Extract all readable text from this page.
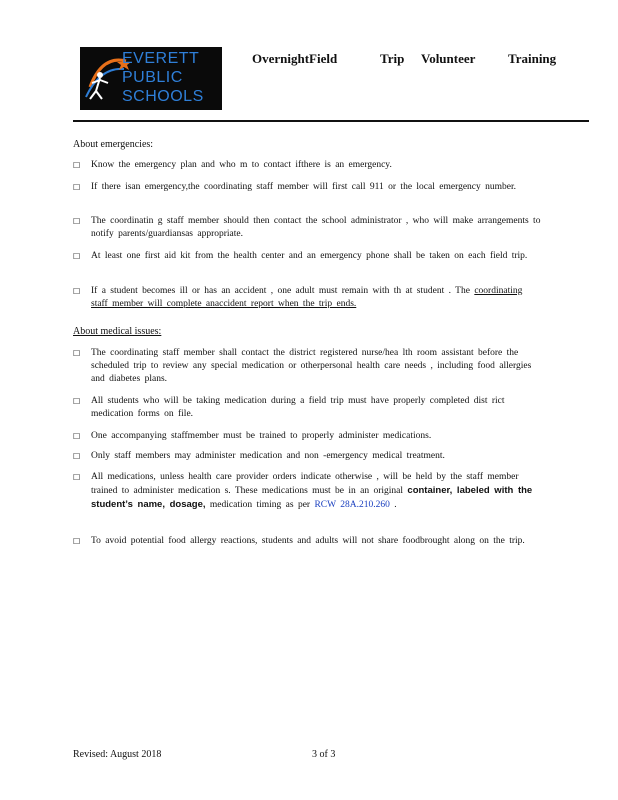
EVERETT
PUBLIC
SCHOOLS
OvernightField	Trip Volunteer	Training
About emergencies:
☐ Know the emergency plan and who m to contact ifthere is an emergency.
☐ If there isan emergency,the coordinating staff member will first call 911 or the local emergency number.
☐ The coordinatin g staff member should then contact the school administrator , who will make arrangements to notify parents/guardiansas appropriate.
☐ At least one first aid kit from the health center and an emergency phone shall be taken on each field trip.
☐ If a student becomes ill or has an accident , one adult must remain with th at student . The coordinating staff member will complete anaccident report when the trip ends.
About medical issues:
☐ The coordinating staff member shall contact the district registered nurse/hea lth room assistant before the scheduled trip to review any special medication or otherpersonal health care needs , including food allergies and diabetes plans.
☐ All students who will be taking medication during a field trip must have properly completed dist rict medication forms on file.
☐ One accompanying staffmember must be trained to properly administer medications.
☐ Only staff members may administer medication and non -emergency medical treatment.
☐ All medications, unless health care provider orders indicate otherwise , will be held by the staff member trained to administer medication s. These medications must be in an original container, labeled with the student’s name, dosage, medication timing as per RCW 28A.210.260 .
☐ To avoid potential food allergy reactions, students and adults will not share foodbrought along on the trip.
Revised: August 2018	3 of 3
